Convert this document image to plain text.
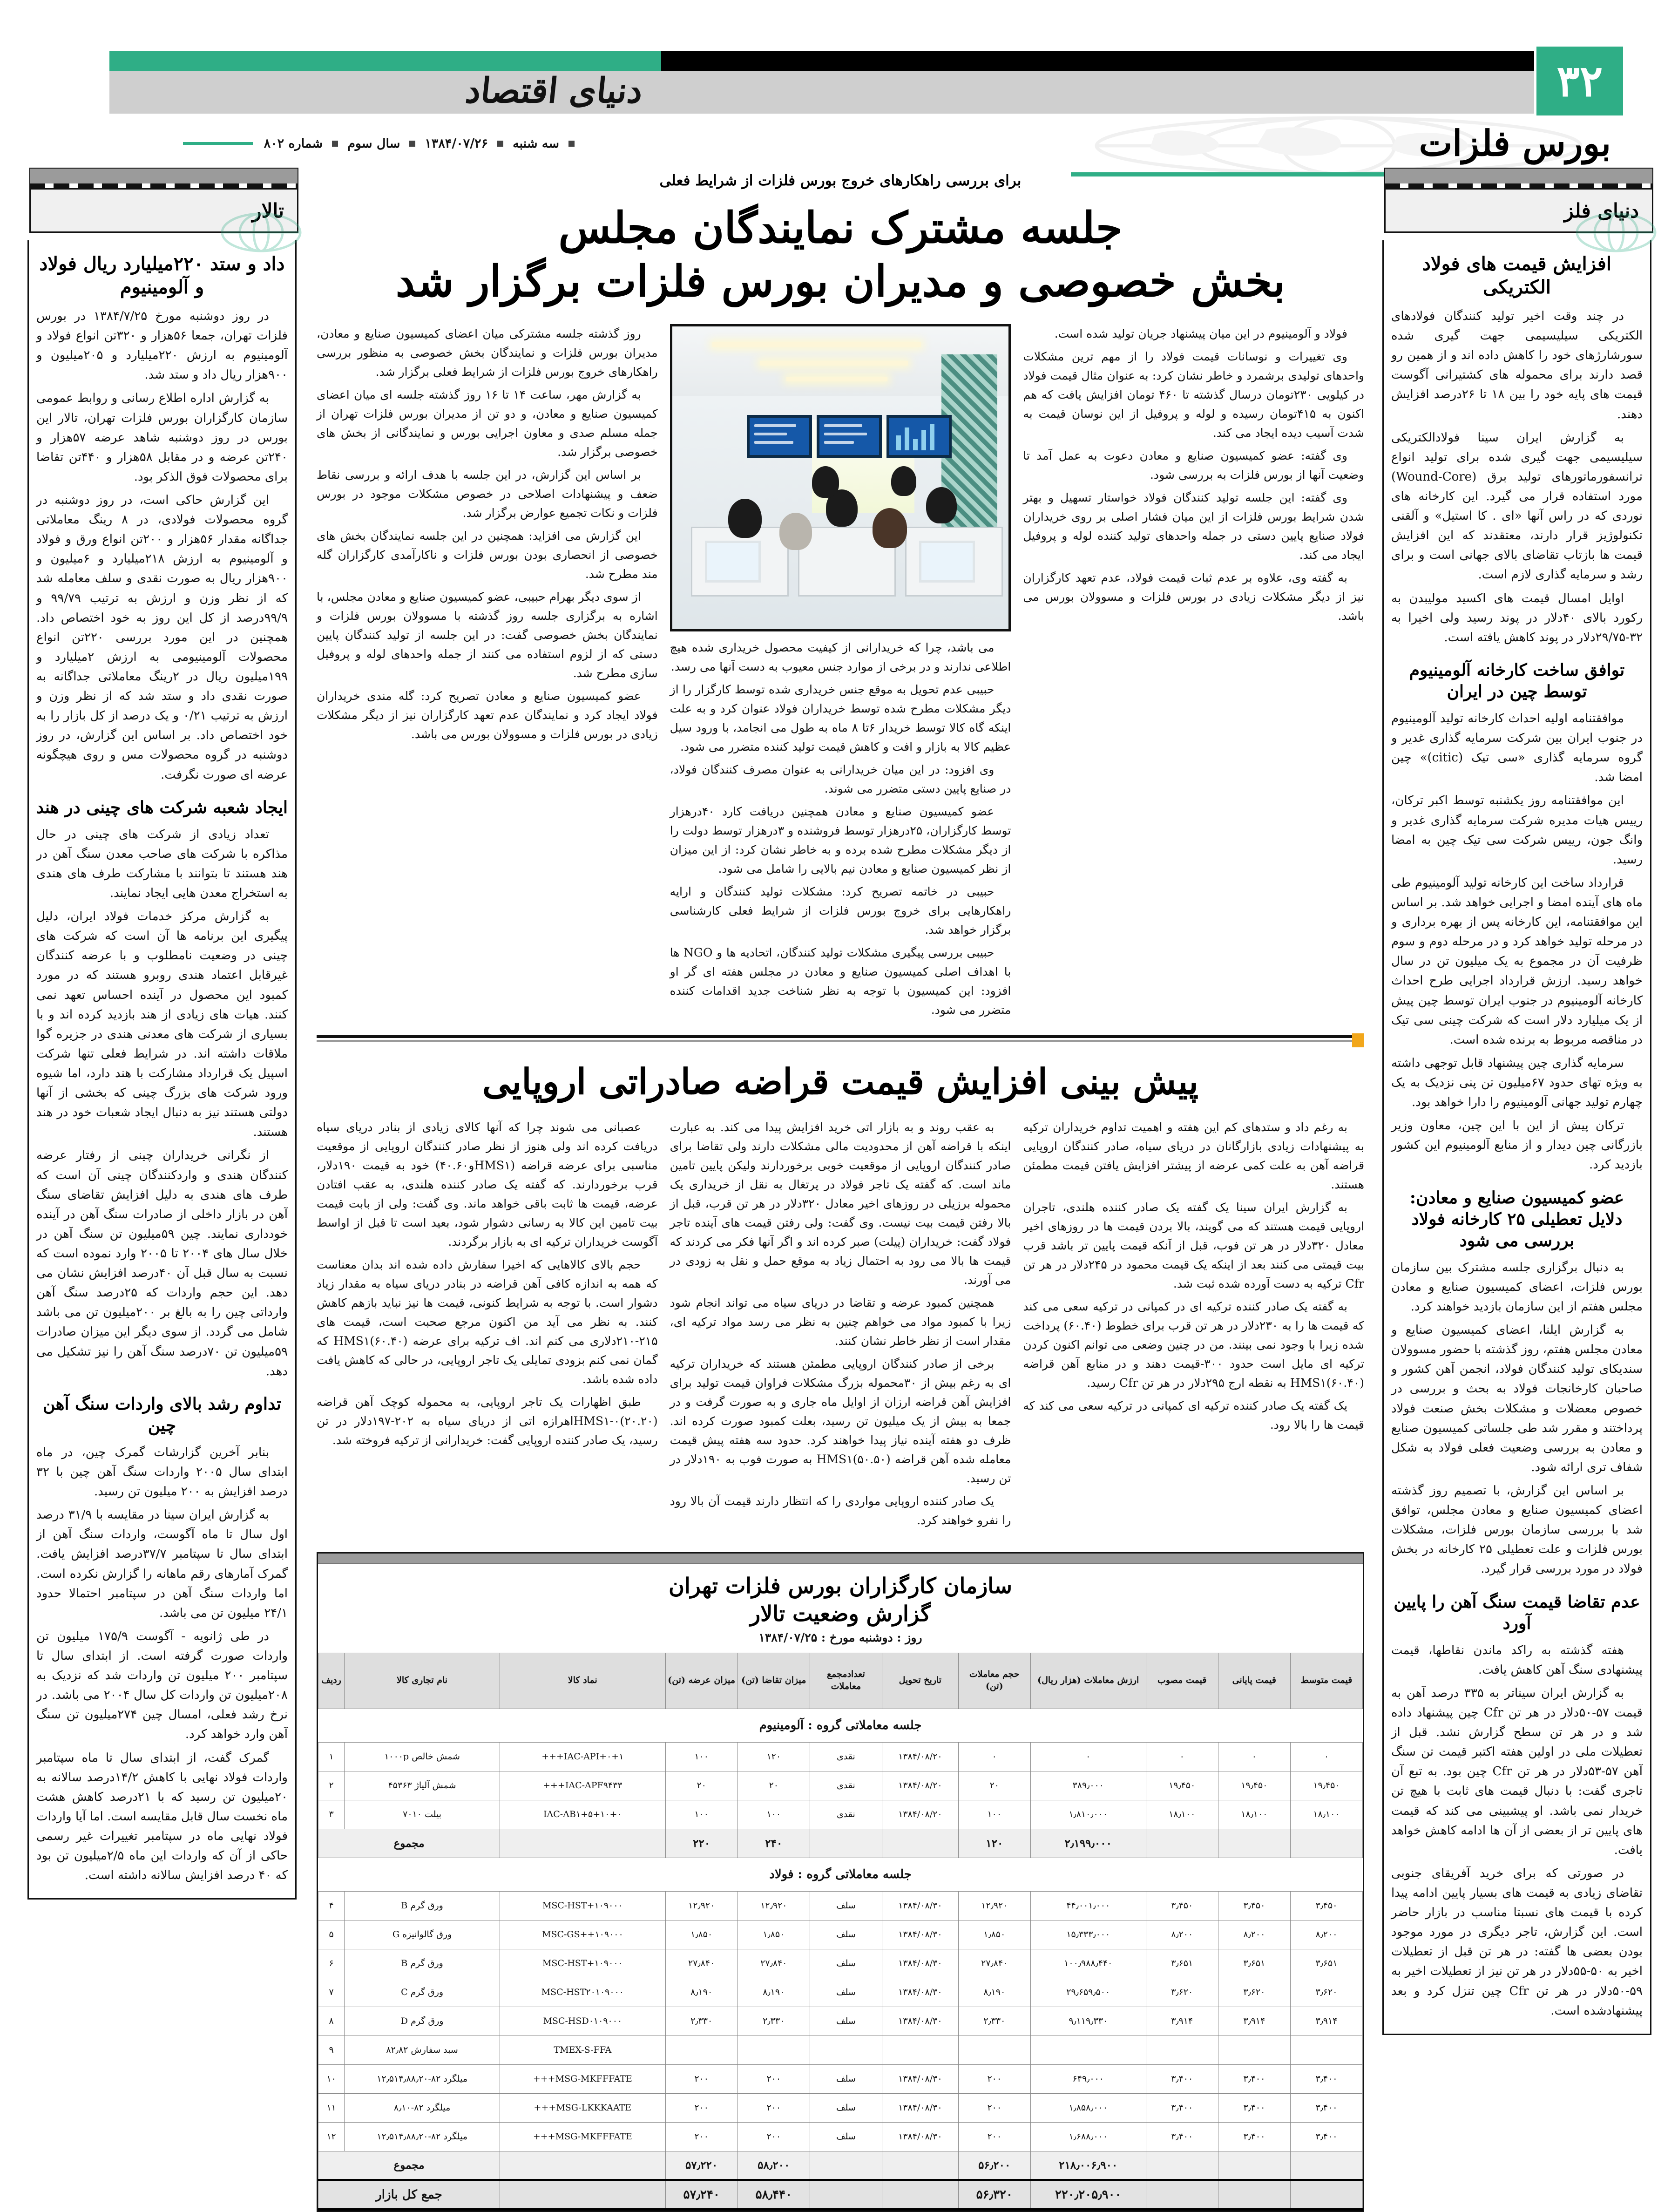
دنیای اقتصاد	۳۲
بورس فلزات
سه شنبه
۱۳۸۴/۰۷/۲۶
سال سوم
شماره ۸۰۲
تالار
داد و ستد ۲۲۰میلیارد ریال فولاد و آلومینیوم

در روز دوشنبه مورخ ۱۳۸۴/۷/۲۵ در بورس فلزات تهران، جمعا ۵۶هزار و ۳۲۰تن انواع فولاد و آلومینیوم به ارزش ۲۲۰میلیارد و ۲۰۵میلیون و ۹۰۰هزار ریال داد و ستد شد.

به گزارش اداره اطلاع رسانی و روابط عمومی سازمان کارگزاران بورس فلزات تهران، تالار این بورس در روز دوشنبه شاهد عرضه ۵۷هزار و ۲۴۰تن عرضه و در مقابل ۵۸هزار و ۴۴۰تن تقاضا برای محصولات فوق الذکر بود.

این گزارش حاکی است، در روز دوشنبه در گروه محصولات فولادی، در ۸ رینگ معاملاتی جداگانه مقدار ۵۶هزار و ۲۰۰تن انواع ورق و فولاد و آلومینیوم به ارزش ۲۱۸میلیارد و ۶میلیون و ۹۰۰هزار ریال به صورت نقدی و سلف معامله شد که از نظر وزن و ارزش به ترتیب ۹۹/۷۹ و ۹۹/۹درصد از کل این روز به خود اختصاص داد. همچنین در این مورد بررسی ۲۲۰تن انواع محصولات آلومینیومی به ارزش ۲میلیارد و ۱۹۹میلیون ریال در ۲رینگ معاملاتی جداگانه به صورت نقدی داد و ستد شد که از نظر وزن و ارزش به ترتیب ۰/۲۱ و یک درصد از کل بازار را به خود اختصاص داد. بر اساس این گزارش، در روز دوشنبه در گروه محصولات مس و روی هیچگونه عرضه ای صورت نگرفت.

ایجاد شعبه شرکت های چینی در هند

تعداد زیادی از شرکت های چینی در حال مذاکره با شرکت های صاحب معدن سنگ آهن در هند هستند تا بتوانند با مشارکت طرف های هندی به استخراج معدن هایی ایجاد نمایند.

به گزارش مرکز خدمات فولاد ایران، دلیل پیگیری این برنامه ها آن است که شرکت های چینی در وضعیت نامطلوب و با عرضه کنندگان غیرقابل اعتماد هندی روبرو هستند که در مورد کمبود این محصول در آینده احساس تعهد نمی کنند. هیات های زیادی از هند بازدید کرده اند و با بسیاری از شرکت های معدنی هندی در جزیره گوا ملاقات داشته اند. در شرایط فعلی تنها شرکت اسپیل یک قرارداد مشارکت با هند دارد، اما شیوه ورود شرکت های بزرگ چینی که بخشی از آنها دولتی هستند نیز به دنبال ایجاد شعبات خود در هند هستند.

از نگرانی خریداران چینی از رفتار عرضه کنندگان هندی و واردکنندگان چینی آن است که طرف های هندی به دلیل افزایش تقاضای سنگ آهن در بازار داخلی از صادرات سنگ آهن در آینده خودداری نمایند. چین ۵۹میلیون تن سنگ آهن در خلال سال های ۲۰۰۴ تا ۲۰۰۵ وارد نموده است که نسبت به سال قبل آن ۴۰درصد افزایش نشان می دهد. این حجم واردات که ۲۵درصد سنگ آهن وارداتی چین را به بالغ بر ۲۰۰میلیون تن می باشد شامل می گردد. از سوی دیگر این میزان صادرات ۵۹میلیون تن ۷۰درصد سنگ آهن را نیز تشکیل می دهد.

تداوم رشد بالای واردات سنگ آهن چین

بنابر آخرین گزارشات گمرک چین، در ماه ابتدای سال ۲۰۰۵ واردات سنگ آهن چین با ۳۲ درصد افزایش به ۲۰۰ میلیون تن رسید.

به گزارش ایران سینا در مقایسه با ۳۱/۹ درصد اول سال تا ماه آگوست، واردات سنگ آهن از ابتدای سال تا سپتامبر ۳۷/۷درصد افزایش یافت. گمرک آمارهای رقم ماهانه را گزارش نکرده است. اما واردات سنگ آهن در سپتامبر احتمالا حدود ۲۴/۱ میلیون تن می باشد.

در طی ژانویه - آگوست ۱۷۵/۹ میلیون تن واردات صورت گرفته است. از ابتدای سال تا سپتامبر ۲۰۰ میلیون تن واردات شد که نزدیک به ۲۰۸میلیون تن واردات کل سال ۲۰۰۴ می باشد. در نرخ رشد فعلی، امسال چین ۲۷۴میلیون تن سنگ آهن وارد خواهد کرد.

گمرک گفت، از ابتدای سال تا ماه سپتامبر واردات فولاد نهایی با کاهش ۱۴/۲درصد سالانه به ۲۰میلیون تن رسید که با ۲۱درصد کاهش هشت ماه نخست سال قابل مقایسه است. اما آیا واردات فولاد نهایی ماه در سپتامبر تغییرات غیر رسمی حاکی از آن که واردات این ماه ۲/۵میلیون تن بود که ۴۰ درصد افزایش سالانه داشته است.

دنیای فلز
افزایش قیمت های فولاد الکتریکی

در چند وقت اخیر تولید کنندگان فولادهای الکتریکی سیلیسیمی جهت گیری شده سورشارژهای خود را کاهش داده اند و از همین رو قصد دارند برای محموله های کشتیرانی آگوست قیمت های پایه خود را بین ۱۸ تا ۲۶درصد افزایش دهند.

به گزارش ایران سینا فولادالکتریکی سیلیسیمی جهت گیری شده برای تولید انواع ترانسفورماتورهای تولید برق (Wound-Core) مورد استفاده قرار می گیرد. این کارخانه های نوردی که در راس آنها «ای . کا استیل» و آلقنی تکنولوژیز قرار دارند، معتقدند که این افزایش قیمت ها بازتاب تقاضای بالای جهانی است و برای رشد و سرمایه گذاری لازم است.

اوایل امسال قیمت های اکسید مولیبدن به رکورد بالای ۴۰دلار در پوند رسید ولی اخیرا به ۳۲-۲۹/۷۵دلار در پوند کاهش یافته است.

توافق ساخت کارخانه آلومینیوم توسط چین در ایران

موافقتنامه اولیه احداث کارخانه تولید آلومینیوم در جنوب ایران بین شرکت سرمایه گذاری غدیر و گروه سرمایه گذاری «سی تیک (citic)» چین امضا شد.

این موافقتنامه روز یکشنبه توسط اکبر ترکان، رییس هیات مدیره شرکت سرمایه گذاری غدیر و وانگ جون، رییس شرکت سی تیک چین به امضا رسید.

قرارداد ساخت این کارخانه تولید آلومینیوم طی ماه های آینده امضا و اجرایی خواهد شد. بر اساس این موافقتنامه، این کارخانه پس از بهره برداری و در مرحله تولید خواهد کرد و در مرحله دوم و سوم ظرفیت آن در مجموع به یک میلیون تن در سال خواهد رسید. ارزش قرارداد اجرایی طرح احداث کارخانه آلومینیوم در جنوب ایران توسط چین پیش از یک میلیارد دلار است که شرکت چینی سی تیک در مناقصه مربوط به برنده شده است.

سرمایه گذاری چین پیشنهاد قابل توجهی داشته به ویژه تهای حدود ۶۷میلیون تن پنی نزدیک به یک چهارم تولید جهانی آلومینیوم را دارا خواهد بود.

ترکان پیش از این با این چین، معاون وزیر بازرگانی چین دیدار و از منابع آلومینیوم این کشور بازدید کرد.

عضو کمیسیون صنایع و معادن: دلایل تعطیلی ۲۵ کارخانه فولاد بررسی می شود

به دنبال برگزاری جلسه مشترک بین سازمان بورس فلزات، اعضای کمیسیون صنایع و معادن مجلس هفتم از این سازمان بازدید خواهند کرد.

به گزارش ایلنا، اعضای کمیسیون صنایع و معادن مجلس هفتم، روز گذشته با حضور مسوولان سندیکای تولید کنندگان فولاد، انجمن آهن کشور و صاحبان کارخانجات فولاد به بحث و بررسی در خصوص معضلات و مشکلات بخش صنعت فولاد پرداختند و مقرر شد طی جلساتی کمیسیون صنایع و معادن به بررسی وضعیت فعلی فولاد به شکل شفاف تری ارائه شود.

بر اساس این گزارش، با تصمیم روز گذشته اعضای کمیسیون صنایع و معادن مجلس، توافق شد با بررسی سازمان بورس فلزات، مشکلات بورس فلزات و علت تعطیلی ۲۵ کارخانه در بخش فولاد در مورد بررسی قرار گیرد.

عدم تقاضا قیمت سنگ آهن را پایین آورد

هفته گذشته به راکد ماندن نقاطها، قیمت پیشنهادی سنگ آهن کاهش یافت.

به گزارش ایران سیناتر به ۳۳۵ درصد آهن به قیمت ۵۷-۵۰دلار در هر تن Cfr چین پیشنهاد داده شد و در هر تن سطح گزارش نشد. قبل از تعطیلات ملی در اولین هفته اکتبر قیمت تن سنگ آهن ۵۷-۵۳دلار در هر تن Cfr چین بود. به تبع آن تاجری گفت: با دنبال قیمت های ثابت با هیچ تن خریدار نمی باشد. او پیشبینی می کند که قیمت های پایین تر از بعضی از آن ها ادامه کاهش خواهد یافت.

در صورتی که برای خرید آفریقای جنوبی تقاضای زیادی به قیمت های بسیار پایین ادامه پیدا کرده با قیمت های نسبتا مناسب در بازار حاضر است. این گزارش، تاجر دیگری در مورد موجود بودن بعضی ها گفته: در هر تن قبل از تعطیلات اخیر به ۵۰-۵۵دلار در هر تن نیز از تعطیلات اخیر به ۵۹-۵۰دلار در هر تن Cfr چین تنزل کرد و بعد پیشنهادشده است.

برای بررسی راهکارهای خروج بورس فلزات از شرایط فعلی
جلسه مشترک نمایندگان مجلس
بخش خصوصی و مدیران بورس فلزات برگزار شد

روز گذشته جلسه مشترکی میان اعضای کمیسیون صنایع و معادن، مدیران بورس فلزات و نمایندگان بخش خصوصی به منظور بررسی راهکارهای خروج بورس فلزات از شرایط فعلی برگزار شد.

به گزارش مهر، ساعت ۱۴ تا ۱۶ روز گذشته جلسه ای میان اعضای کمیسیون صنایع و معادن، و دو تن از مدیران بورس فلزات تهران از جمله مسلم صدی و معاون اجرایی بورس و نمایندگانی از بخش های خصوصی برگزار شد.

بر اساس این گزارش، در این جلسه با هدف ارائه و بررسی نقاط ضعف و پیشنهادات اصلاحی در خصوص مشکلات موجود در بورس فلزات و نکات تجمیع عوارض برگزار شد.

این گزارش می افزاید: همچنین در این جلسه نمایندگان بخش های خصوصی از انحصاری بودن بورس فلزات و ناکارآمدی کارگزاران گله مند مطرح شد.

از سوی دیگر بهرام حبیبی، عضو کمیسیون صنایع و معادن مجلس، با اشاره به برگزاری جلسه روز گذشته با مسوولان بورس فلزات و نمایندگان بخش خصوصی گفت: در این جلسه از تولید کنندگان پایین دستی که از لزوم استفاده می کنند از جمله واحدهای لوله و پروفیل سازی مطرح شد.

عضو کمیسیون صنایع و معادن تصریح کرد: گله مندی خریداران فولاد ایجاد کرد و نمایندگان عدم تعهد کارگزاران نیز از دیگر مشکلات زیادی در بورس فلزات و مسوولان بورس می باشد.

می باشد، چرا که خریدارانی از کیفیت محصول خریداری شده هیچ اطلاعی ندارند و در برخی از موارد جنس معیوب به دست آنها می رسد.

حبیبی عدم تحویل به موقع جنس خریداری شده توسط کارگزار را از دیگر مشکلات مطرح شده توسط خریداران فولاد عنوان کرد و به علت اینکه گاه کالا توسط خریدار ۶تا ۸ ماه به طول می انجامد، با ورود سیل عظیم کالا به بازار و افت و کاهش قیمت تولید کننده متضرر می شود.

وی افزود: در این میان خریدارانی به عنوان مصرف کنندگان فولاد، در صنایع پایین دستی متضرر می شوند.

عضو کمیسیون صنایع و معادن همچنین دریافت کارد ۴۰درهزار توسط کارگزاران، ۲۵درهزار توسط فروشنده و ۳درهزار توسط دولت را از دیگر مشکلات مطرح شده برده و به خاطر نشان کرد: از این میزان از نظر کمیسیون صنایع و معادن نیم بالایی را شامل می شود.

حبیبی در خاتمه تصریح کرد: مشکلات تولید کنندگان و ارایه راهکارهایی برای خروج بورس فلزات از شرایط فعلی کارشناسی برگزار خواهد شد.

حبیبی بررسی پیگیری مشکلات تولید کنندگان، اتحادیه ها و NGO ها با اهداف اصلی کمیسیون صنایع و معادن در مجلس هفته ای گر او افزود: این کمیسیون با توجه به نظر شناخت جدید اقدامات کننده متضرر می شود.

فولاد و آلومینیوم در این میان پیشنهاد جریان تولید شده است.

وی تغییرات و نوسانات قیمت فولاد را از مهم ترین مشکلات واحدهای تولیدی برشمرد و خاطر نشان کرد: به عنوان مثال قیمت فولاد در کیلویی ۲۳۰تومان درسال گذشته تا ۴۶۰ تومان افزایش یافت که هم اکنون به ۴۱۵تومان رسیده و لوله و پروفیل از این نوسان قیمت به شدت آسیب دیده ایجاد می کند.

وی گفته: عضو کمیسیون صنایع و معادن دعوت به عمل آمد تا وضعیت آنها از بورس فلزات به بررسی شود.

وی گفته: این جلسه تولید کنندگان فولاد خواستار تسهیل و بهتر شدن شرایط بورس فلزات از این میان فشار اصلی بر روی خریداران فولاد صنایع پایین دستی در جمله واحدهای تولید کننده لوله و پروفیل ایجاد می کند.

به گفته وی، علاوه بر عدم ثبات قیمت فولاد، عدم تعهد کارگزاران نیز از دیگر مشکلات زیادی در بورس فلزات و مسوولان بورس می باشد.

پیش بینی افزایش قیمت قراضه صادراتی اروپایی

عصبانی می شوند چرا که آنها کالای زیادی از بنادر دریای سیاه دریافت کرده اند ولی هنوز از نظر صادر کنندگان اروپایی از موقعیت مناسبی برای عرضه قراضه (HMS۱و۴۰.۶۰) خود به قیمت ۱۹۰دلار، قرب برخوردارند. که گفته یک صادر کننده هلندی، به عقب افتادن عرضه، قیمت ها ثابت باقی خواهد ماند. وی گفت: ولی از بابت قیمت بیت تامین این کالا به رسانی دشوار شود، بعید است تا قبل از اواسط آگوست خریداران ترکیه ای به بازار برگردند.

حجم بالای کالاهایی که اخیرا سفارش داده شده اند بدان معناست که همه به اندازه کافی آهن قراضه در بنادر دریای سیاه به مقدار زیاد دشوار است. با توجه به شرایط کنونی، قیمت ها نیز نباید بازهم کاهش کنند. به نظر می آید من اکنون مرجع صحبت است، قیمت های ۲۱۵-۲۱۰دلاری می کنم اند. اف ترکیه برای عرضه (۶۰.۴۰)HMS۱ که گمان نمی کنم بزودی تمایلی یک تاجر اروپایی، در حالی که کاهش یافت داده شده باشد.

طبق اظهارات یک تاجر اروپایی، به محموله کوچک آهن قراضه (۲۰.۲۰)HMS۱-۰اهرازه اتی از دریای سیاه به ۲۰۲-۱۹۷دلار در تن رسید، یک صادر کننده اروپایی گفت: خریدارانی از ترکیه فروخته شد.

به عقب روند و به بازار اتی خرید افزایش پیدا می کند. به عبارت اینکه با قراضه آهن از محدودیت مالی مشکلات دارند ولی تقاضا برای صادر کنندگان اروپایی از موقعیت خوبی برخوردارند ولیکن پایین تامین ماند است. که گفته یک تاجر فولاد در پرتغال به نقل از خریداری یک محموله برزیلی در روزهای اخیر معادل ۳۲۰دلار در هر تن قرب، قبل از بالا رفتن قیمت بیت نیست. وی گفت: ولی رفتن قیمت های آینده تاجر فولاد گفت: خریداران (پیلت) صبر کرده اند و اگر آنها فکر می کردند که قیمت ها بالا می رود به احتمال زیاد به موقع حمل و نقل به زودی در می آورند.

همچنین کمبود عرضه و تقاضا در دریای سیاه می تواند انجام شود زیرا با کمبود مواد می خواهم چنین به نظر می رسد مواد ترکیه ای، مقدار است از نظر خاطر نشان کنند.

برخی از صادر کنندگان اروپایی مطمئن هستند که خریداران ترکیه ای به رغم بیش از ۳۰محموله بزرگ مشکلات فراوان قیمت تولید برای افزایش آهن قراضه ارزان از اوایل ماه جاری و به صورت گرفت و در جمعا به بیش از یک میلیون تن رسید، بعلت کمبود صورت کرده اند. ظرف دو هفته آینده نیاز پیدا خواهند کرد. حدود سه هفته پیش قیمت معامله شده آهن قراضه (۵۰.۵۰)HMS۱ به صورت فوب به ۱۹۰دلار در تن رسید.

یک صادر کننده اروپایی مواردی را که انتظار دارند قیمت آن بالا رود را نفرو خواهند کرد.

به رغم داد و ستدهای کم این هفته و اهمیت تداوم خریداران ترکیه به پیشنهادات زیادی بازارگانان در دریای سیاه، صادر کنندگان اروپایی قراضه آهن به علت کمی عرضه از پیشتر افزایش یافتن قیمت مطمئن هستند.

به گزارش ایران سینا یک گفته یک صادر کننده هلندی، تاجران اروپایی قیمت هستند که می گویند، بالا بردن قیمت ها در روزهای اخیر معادل ۳۲۰دلار در هر تن فوب، قبل از آنکه قیمت پایین تر باشد قرب بیت قیمتی می کنند بعد از اینکه یک قیمت محمود در ۲۴۵دلار در هر تن Cfr ترکیه به دست آورده شده ثبت شد.

به گفته یک صادر کننده ترکیه ای در کمپانی در ترکیه سعی می کند که قیمت ها را به ۲۳۰دلار در هر تن قرب برای خطوط (۶۰.۴۰) پرداخت شده زیرا با وجود نمی بینند. من در چنین وضعی می توانم اکنون کردن ترکیه ای مایل است حدود ۳۰۰-قیمت دهند و در منابع آهن قراضه (۶۰.۴۰)HMS۱ به نقطه ارج ۲۹۵دلار در هر تن Cfr رسید.

یک گفته یک صادر کننده ترکیه ای کمپانی در ترکیه سعی می کند که قیمت ها را بالا رود.

سازمان کارگزاران بورس فلزات تهران
گزارش وضعیت تالار
روز : دوشنبه مورخ : ۱۳۸۴/۰۷/۲۵
قیمت متوسط	قیمت پایانی	قیمت مصوب	ارزش معاملات (هزار ریال)	حجم معاملات (تن)	تاریخ تحویل	تعدادمجمع معاملات	میزان تقاضا (تن)	میزان عرضه (تن)	نماد کالا	نام تجاری کالا	ردیف
جلسه معاملاتی گروه : آلومینیوم											
۰	۰	۰	۰	۰	۱۳۸۴/۰۸/۲۰	نقدی	۱۲۰	۱۰۰	IAC-API+۰+۱+++	شمش خالص ۱۰۰۰p	۱
۱۹٫۴۵۰	۱۹٫۴۵۰	۱۹٫۴۵۰	۳۸۹٫۰۰۰	۲۰	۱۳۸۴/۰۸/۲۰	نقدی	۲۰	۲۰	IAC-APF۹۴۳۳+++	شمش آلیاژ ۴۵۳۶۳	۲
۱۸٫۱۰۰	۱۸٫۱۰۰	۱۸٫۱۰۰	۱٫۸۱۰٫۰۰۰	۱۰۰	۱۳۸۴/۰۸/۲۰	نقدی	۱۰۰	۱۰۰	IAC-AB۱+۵+۱۰+۰	بیلت ۷۰۱۰	۳
			۲٫۱۹۹٫۰۰۰	۱۲۰			۲۴۰	۲۲۰		مجموع	
جلسه معاملاتی گروه : فولاد											
۳٫۴۵۰	۳٫۴۵۰	۳٫۴۵۰	۴۴٫۰۰۱٫۰۰۰	۱۲٫۹۲۰	۱۳۸۴/۰۸/۳۰	سلف	۱۲٫۹۲۰	۱۲٫۹۲۰	MSC-HST+۱۰۹۰۰۰	ورق گرم B	۴
۸٫۲۰۰	۸٫۲۰۰	۸٫۲۰۰	۱۵٫۳۳۳٫۰۰۰	۱٫۸۵۰	۱۳۸۴/۰۸/۳۰	سلف	۱٫۸۵۰	۱٫۸۵۰	MSC-GS++۱۰۹۰۰۰	ورق گالوانیزه G	۵
۳٫۶۵۱	۳٫۶۵۱	۳٫۶۵۱	۱۰۰٫۹۸۸٫۴۴۰	۲۷٫۸۴۰	۱۳۸۴/۰۸/۳۰	سلف	۲۷٫۸۴۰	۲۷٫۸۴۰	MSC-HST+۱۰۹۰۰۰	ورق گرم B	۶
۳٫۶۲۰	۳٫۶۲۰	۳٫۶۲۰	۲۹٫۶۵۹٫۵۰۰	۸٫۱۹۰	۱۳۸۴/۰۸/۳۰	سلف	۸٫۱۹۰	۸٫۱۹۰	MSC-HST۲۰۱۰۹۰۰۰	ورق گرم C	۷
۳٫۹۱۴	۳٫۹۱۴	۳٫۹۱۴	۹٫۱۱۹٫۳۳۰	۲٫۳۳۰	۱۳۸۴/۰۸/۳۰	سلف	۲٫۳۳۰	۲٫۳۳۰	MSC-HSD۰۱۰۹۰۰۰	ورق گرم D	۸
									TMEX-S-FFA	سبد سفارش ۸۲٫۸۲	۹
۳٫۴۰۰	۳٫۴۰۰	۳٫۴۰۰	۶۴۹٫۰۰۰	۲۰۰	۱۳۸۴/۰۸/۳۰	سلف	۲۰۰	۲۰۰	MSG-MKFFFATE+++	میلگرد ۸۲-۱۲٫۵۱۴٫۸۸٫۲۰	۱۰
۳٫۴۰۰	۳٫۴۰۰	۳٫۴۰۰	۱٫۸۵۸٫۰۰۰	۲۰۰	۱۳۸۴/۰۸/۳۰	سلف	۲۰۰	۲۰۰	MSG-LKKKAATE+++	میلگرد ۸۲-۸٫۱۰	۱۱
۳٫۴۰۰	۳٫۴۰۰	۳٫۴۰۰	۱٫۶۸۸٫۰۰۰	۲۰۰	۱۳۸۴/۰۸/۳۰	سلف	۲۰۰	۲۰۰	MSG-MKFFFATE+++	میلگرد ۸۲-۱۲٫۵۱۴٫۸۸٫۲۰	۱۲
			۲۱۸٫۰۰۶٫۹۰۰	۵۶٫۲۰۰			۵۸٫۲۰۰	۵۷٫۲۲۰		مجموع	
			۲۲۰٫۲۰۵٫۹۰۰	۵۶٫۳۲۰			۵۸٫۴۴۰	۵۷٫۲۴۰		جمع کل بازار	
